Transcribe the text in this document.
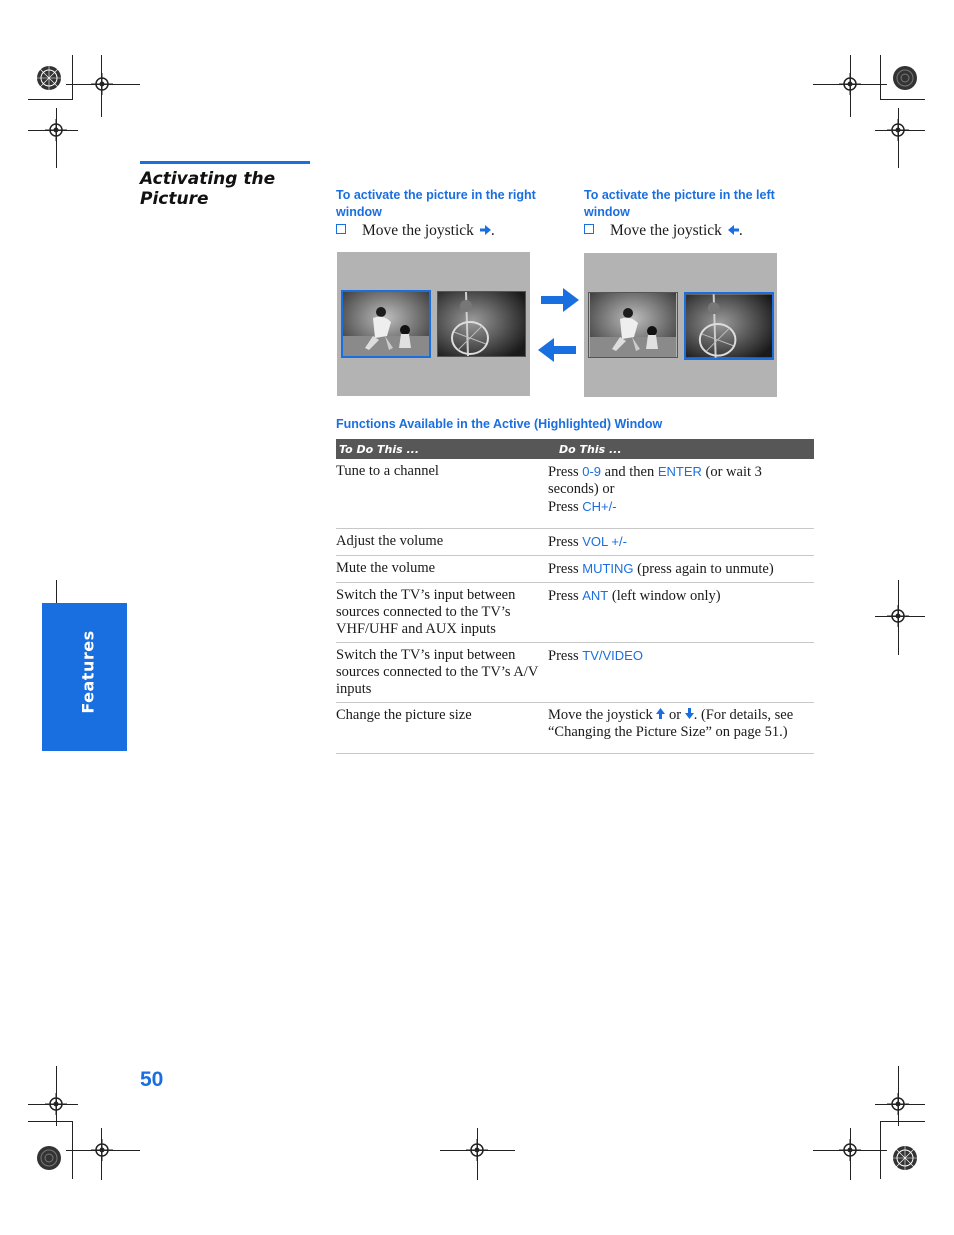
Activating the Picture	To activate the picture in the right window
Move the joystick .
To activate the picture in the left window
Move the joystick .
Functions Available in the Active (Highlighted) Window
To Do This ...	Do This ...
Tune to a channel	Press 0-9 and then ENTER (or wait 3 seconds) or
Press CH+/-

Adjust the volume	Press VOL +/-
Mute the volume	Press MUTING (press again to unmute)
Switch the TV’s input between sources connected to the TV’s VHF/UHF and AUX inputs	Press ANT (left window only)
Switch the TV’s input between sources connected to the TV’s A/V inputs	Press TV/VIDEO
Change the picture size	Move the joystick or . (For details, see “Changing the Picture Size” on page 51.)
Features
50
